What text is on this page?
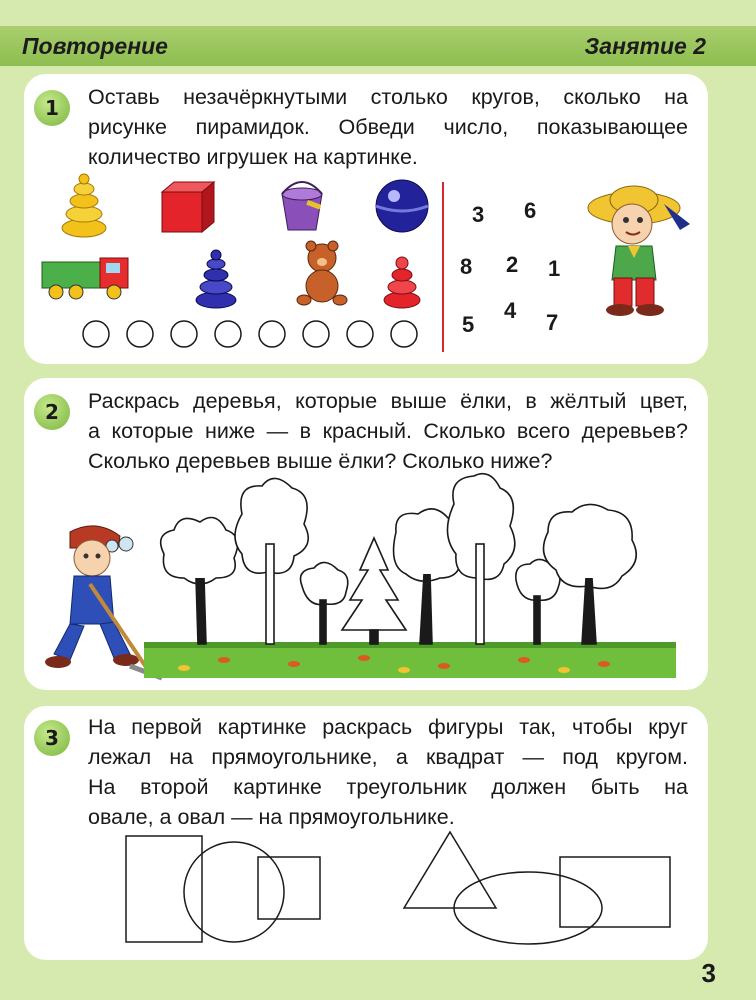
Повторение	Занятие 2
1	Оставь незачёркнутыми столько кругов, сколько на

рисунке пирамидок. Обведи число, показывающее

количество игрушек на картинке.

3 6
8 2 1
5
4 7
2	Раскрась деревья, которые выше ёлки, в жёлтый цвет,

а которые ниже — в красный. Сколько всего деревьев?

Сколько деревьев выше ёлки? Сколько ниже?

3	На первой картинке раскрась фигуры так, чтобы круг

лежал на прямоугольнике, а квадрат — под кругом.

На второй картинке треугольник должен быть на

овале, а овал — на прямоугольнике.

3
